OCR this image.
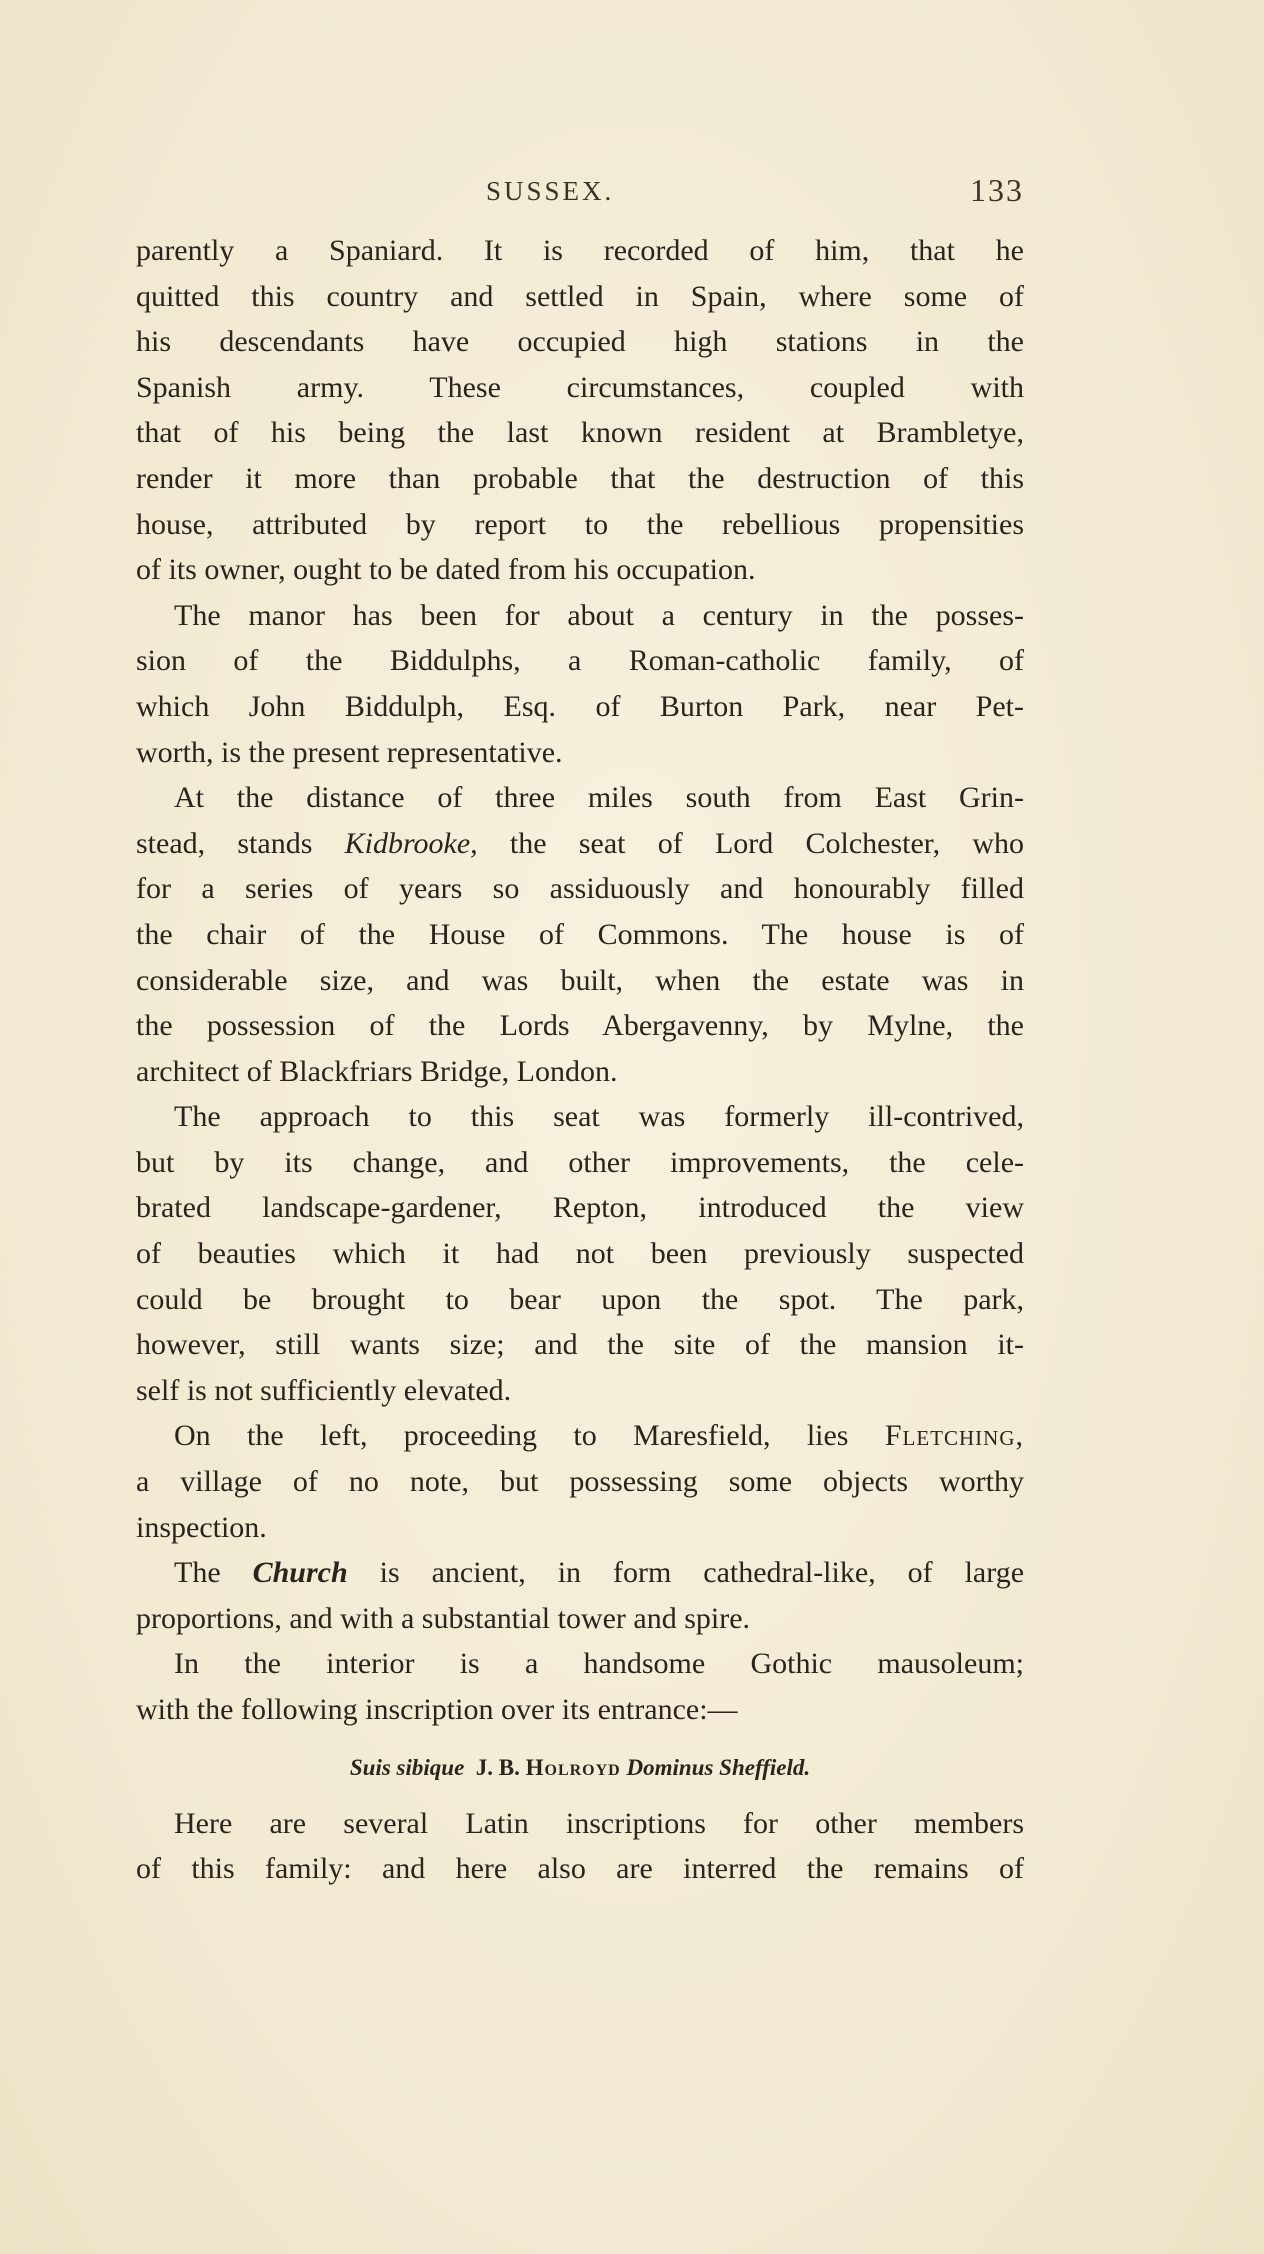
SUSSEX.	133
parently a Spaniard. It is recorded of him, that he
quitted this country and settled in Spain, where some of
his descendants have occupied high stations in the
Spanish army. These circumstances, coupled with
that of his being the last known resident at Brambletye,
render it more than probable that the destruction of this
house, attributed by report to the rebellious propensities
of its owner, ought to be dated from his occupation.
The manor has been for about a century in the posses-
sion of the Biddulphs, a Roman-catholic family, of
which John Biddulph, Esq. of Burton Park, near Pet-
worth, is the present representative.
At the distance of three miles south from East Grin-
stead, stands Kidbrooke, the seat of Lord Colchester, who
for a series of years so assiduously and honourably filled
the chair of the House of Commons. The house is of
considerable size, and was built, when the estate was in
the possession of the Lords Abergavenny, by Mylne, the
architect of Blackfriars Bridge, London.
The approach to this seat was formerly ill-contrived,
but by its change, and other improvements, the cele-
brated landscape-gardener, Repton, introduced the view
of beauties which it had not been previously suspected
could be brought to bear upon the spot. The park,
however, still wants size; and the site of the mansion it-
self is not sufficiently elevated.
On the left, proceeding to Maresfield, lies Fletching,
a village of no note, but possessing some objects worthy
inspection.
The Church is ancient, in form cathedral-like, of large
proportions, and with a substantial tower and spire.
In the interior is a handsome Gothic mausoleum;
with the following inscription over its entrance:—
Suis sibique J. B. Holroyd Dominus Sheffield.
Here are several Latin inscriptions for other members
of this family: and here also are interred the remains of
